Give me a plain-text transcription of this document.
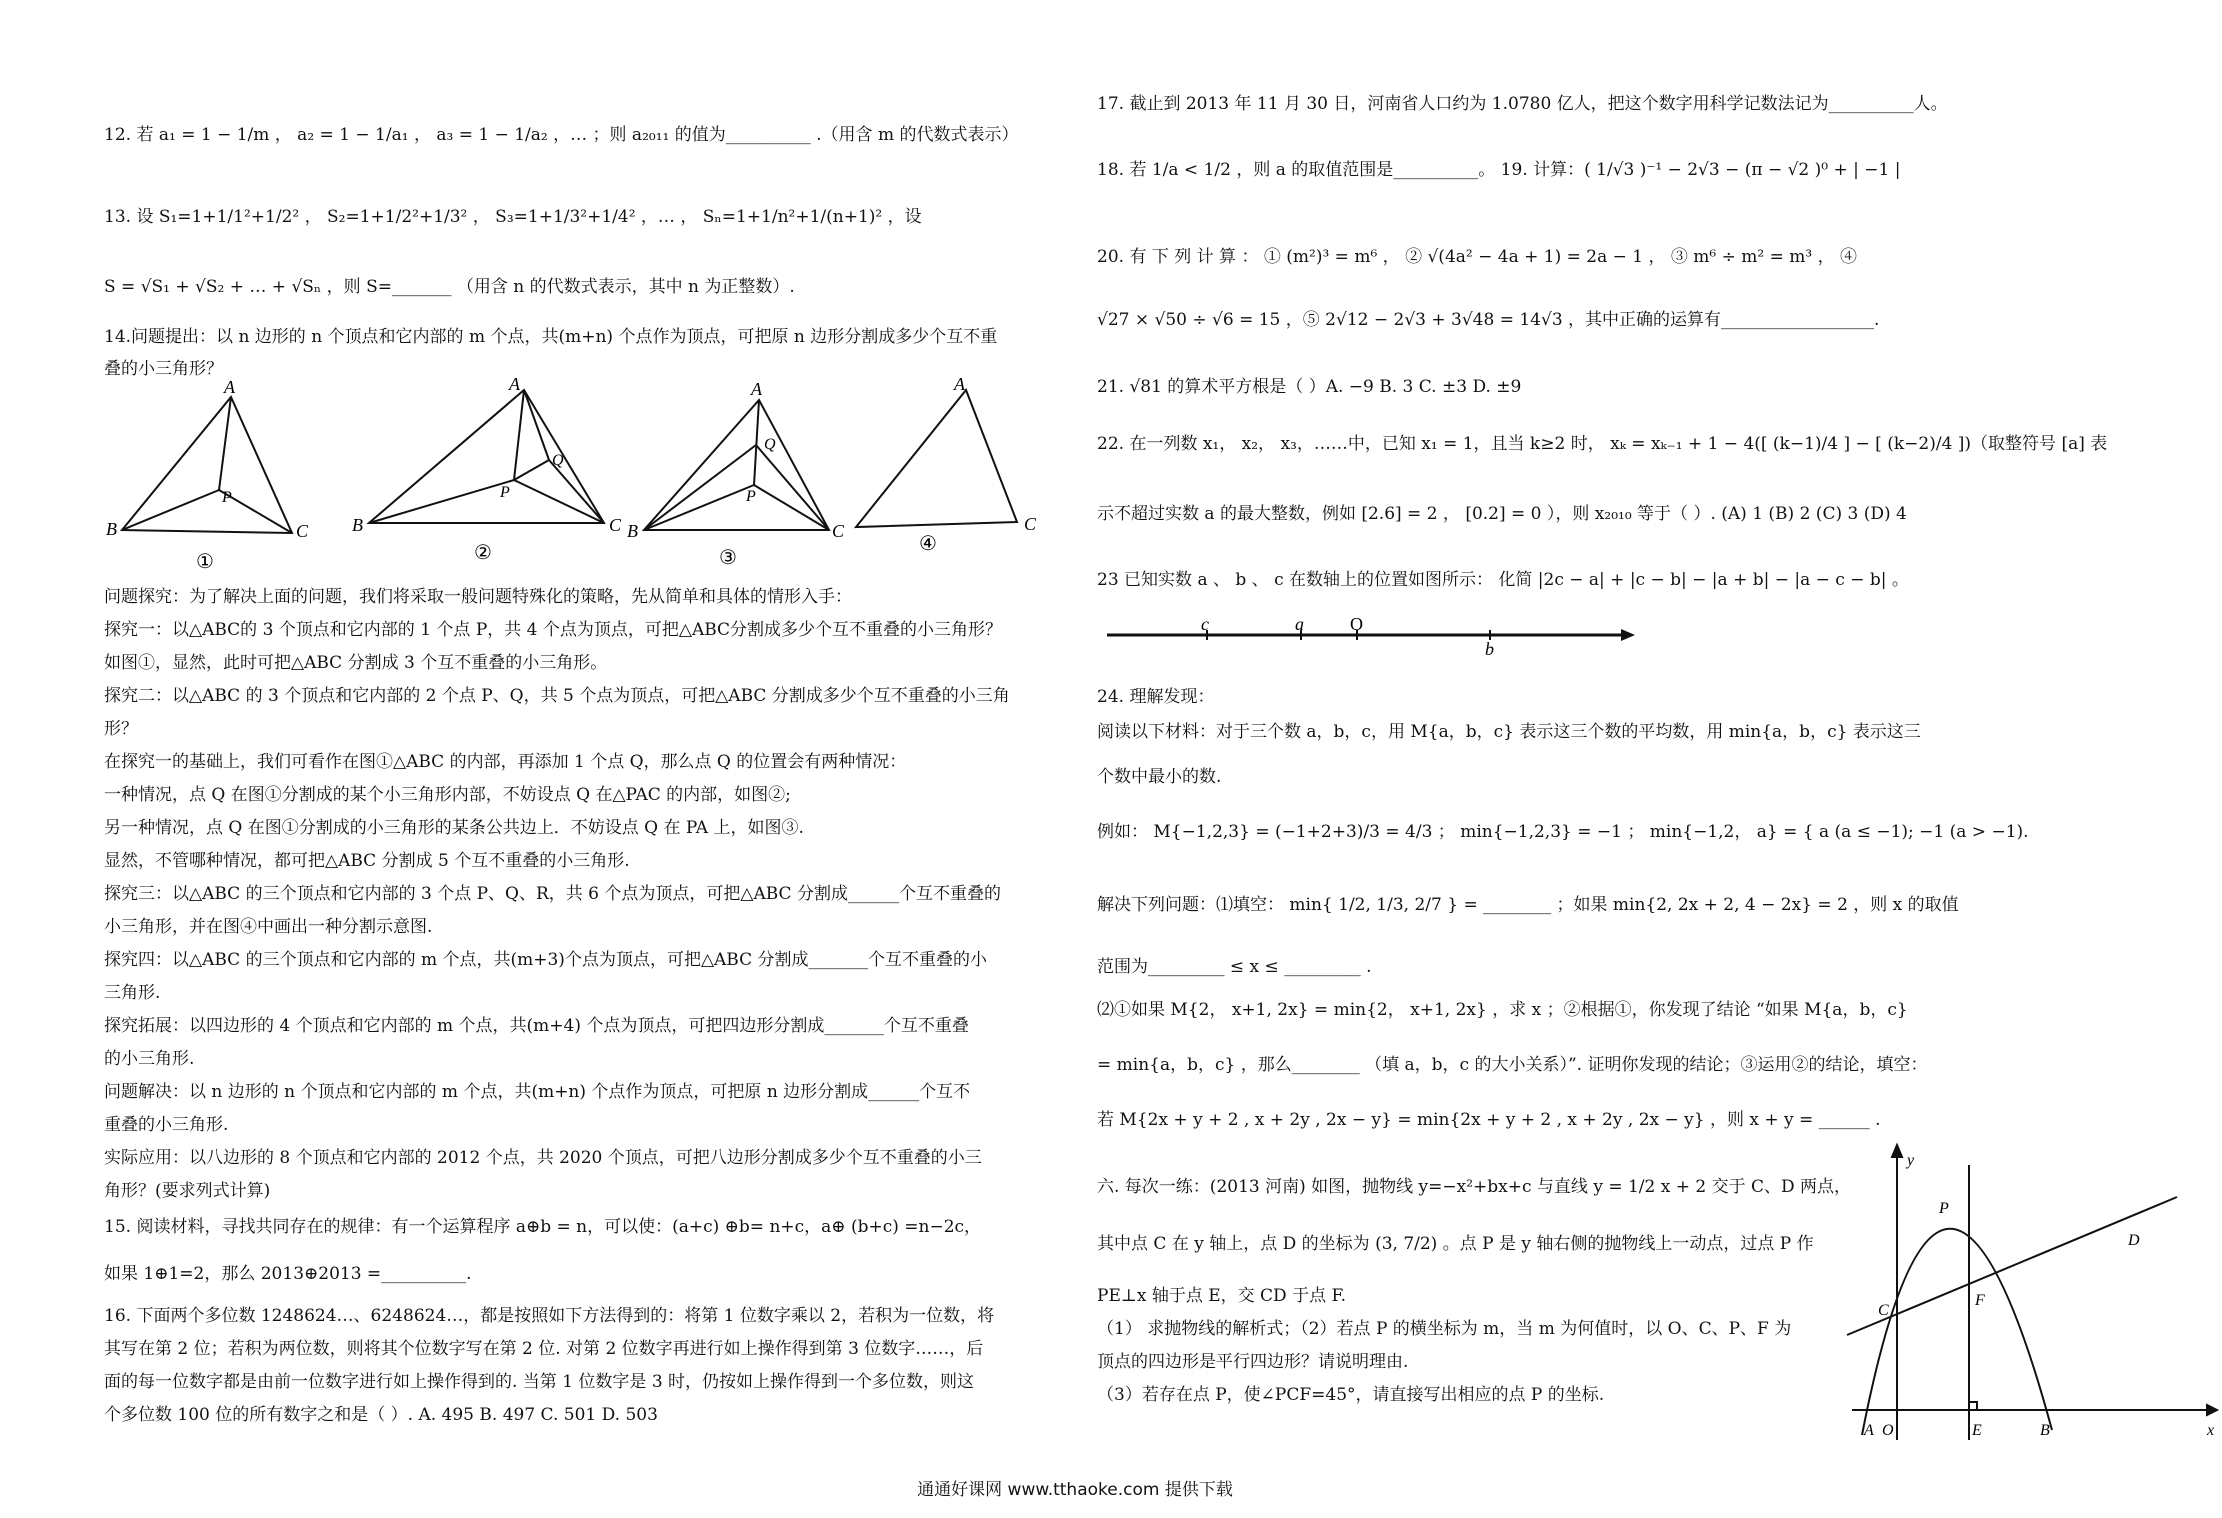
12. 若 a₁ = 1 − 1/m ， a₂ = 1 − 1/a₁ ， a₃ = 1 − 1/a₂ ，… ；则 a₂₀₁₁ 的值为__________ .（用含 m 的代数式表示）
13. 设 S₁=1+1/1²+1/2² ， S₂=1+1/2²+1/3² ， S₃=1+1/3²+1/4² ，… ， Sₙ=1+1/n²+1/(n+1)² ，设
S = √S₁ + √S₂ + … + √Sₙ ，则 S=_______ （用含 n 的代数式表示，其中 n 为正整数）.
14.问题提出：以 n 边形的 n 个顶点和它内部的 m 个点，共(m+n) 个点作为顶点，可把原 n 边形分割成多少个互不重
叠的小三角形？
A
B	C
P
①
A
B	C
P
Q
②
A
B	C
P
Q
③
A
C
④
问题探究：为了解决上面的问题，我们将采取一般问题特殊化的策略，先从简单和具体的情形入手：
探究一：以△ABC的 3 个顶点和它内部的 1 个点 P，共 4 个点为顶点，可把△ABC分割成多少个互不重叠的小三角形？
如图①，显然，此时可把△ABC 分割成 3 个互不重叠的小三角形。
探究二：以△ABC 的 3 个顶点和它内部的 2 个点 P、Q，共 5 个点为顶点，可把△ABC 分割成多少个互不重叠的小三角
形？
在探究一的基础上，我们可看作在图①△ABC 的内部，再添加 1 个点 Q，那么点 Q 的位置会有两种情况：
一种情况，点 Q 在图①分割成的某个小三角形内部，不妨设点 Q 在△PAC 的内部，如图②;
另一种情况，点 Q 在图①分割成的小三角形的某条公共边上．不妨设点 Q 在 PA 上，如图③.
显然，不管哪种情况，都可把△ABC 分割成 5 个互不重叠的小三角形.
探究三：以△ABC 的三个顶点和它内部的 3 个点 P、Q、R，共 6 个点为顶点，可把△ABC 分割成______个互不重叠的
小三角形，并在图④中画出一种分割示意图.
探究四：以△ABC 的三个顶点和它内部的 m 个点，共(m+3)个点为顶点，可把△ABC 分割成_______个互不重叠的小
三角形.
探究拓展：以四边形的 4 个顶点和它内部的 m 个点，共(m+4) 个点为顶点，可把四边形分割成_______个互不重叠
的小三角形.
问题解决：以 n 边形的 n 个顶点和它内部的 m 个点，共(m+n) 个点作为顶点，可把原 n 边形分割成______个互不
重叠的小三角形.
实际应用：以八边形的 8 个顶点和它内部的 2012 个点，共 2020 个顶点，可把八边形分割成多少个互不重叠的小三
角形？(要求列式计算)
15. 阅读材料，寻找共同存在的规律：有一个运算程序 a⊕b = n，可以使：(a+c) ⊕b= n+c，a⊕ (b+c) =n−2c，
如果 1⊕1=2，那么 2013⊕2013 =__________.
16. 下面两个多位数 1248624…、6248624…，都是按照如下方法得到的：将第 1 位数字乘以 2，若积为一位数，将
其写在第 2 位；若积为两位数，则将其个位数字写在第 2 位. 对第 2 位数字再进行如上操作得到第 3 位数字……，后
面的每一位数字都是由前一位数字进行如上操作得到的. 当第 1 位数字是 3 时，仍按如上操作得到一个多位数，则这
个多位数 100 位的所有数字之和是（ ）. A. 495 B. 497 C. 501 D. 503
17. 截止到 2013 年 11 月 30 日，河南省人口约为 1.0780 亿人，把这个数字用科学记数法记为__________人。
18. 若 1/a < 1/2 ，则 a 的取值范围是__________。 19. 计算：( 1/√3 )⁻¹ − 2√3 − (π − √2 )⁰ + | −1 |
20. 有 下 列 计 算 ： ① (m²)³ = m⁶ ， ② √(4a² − 4a + 1) = 2a − 1 ， ③ m⁶ ÷ m² = m³ ， ④
√27 × √50 ÷ √6 = 15 ，⑤ 2√12 − 2√3 + 3√48 = 14√3 ，其中正确的运算有__________________.
21. √81 的算术平方根是（ ）A. −9 B. 3 C. ±3 D. ±9
22. 在一列数 x₁， x₂， x₃，……中，已知 x₁ = 1，且当 k≥2 时， xₖ = xₖ₋₁ + 1 − 4([ (k−1)/4 ] − [ (k−2)/4 ])（取整符号 [a] 表
示不超过实数 a 的最大整数，例如 [2.6] = 2 ， [0.2] = 0 ），则 x₂₀₁₀ 等于（ ）. (A) 1 (B) 2 (C) 3 (D) 4
23 已知实数 a 、 b 、 c 在数轴上的位置如图所示： 化简 |2c − a| + |c − b| − |a + b| − |a − c − b| 。
c	a	O
b
24. 理解发现：
阅读以下材料：对于三个数 a，b，c，用 M{a，b，c} 表示这三个数的平均数，用 min{a，b，c} 表示这三
个数中最小的数.
例如： M{−1,2,3} = (−1+2+3)/3 = 4/3 ； min{−1,2,3} = −1 ； min{−1,2， a} = { a (a ≤ −1); −1 (a > −1).
解决下列问题：⑴填空： min{ 1/2, 1/3, 2/7 } = ________ ；如果 min{2, 2x + 2, 4 − 2x} = 2 ，则 x 的取值
范围为_________ ≤ x ≤ _________ .
⑵①如果 M{2， x+1, 2x} = min{2， x+1, 2x} ，求 x ；②根据①，你发现了结论 “如果 M{a，b，c}
= min{a，b，c} ，那么________ （填 a，b，c 的大小关系）”. 证明你发现的结论；③运用②的结论，填空：
若 M{2x + y + 2 , x + 2y , 2x − y} = min{2x + y + 2 , x + 2y , 2x − y} ，则 x + y = ______ .
六. 每次一练：(2013 河南) 如图，抛物线 y=−x²+bx+c 与直线 y = 1/2 x + 2 交于 C、D 两点，
其中点 C 在 y 轴上，点 D 的坐标为 (3, 7/2) 。点 P 是 y 轴右侧的抛物线上一动点，过点 P 作
PE⊥x 轴于点 E，交 CD 于点 F.
（1） 求抛物线的解析式；（2）若点 P 的横坐标为 m，当 m 为何值时，以 O、C、P、F 为
顶点的四边形是平行四边形？请说明理由.
（3）若存在点 P，使∠PCF=45°，请直接写出相应的点 P 的坐标.
y
x
P
D
C
F
A O	E	B
通通好课网 www.tthaoke.com 提供下载
